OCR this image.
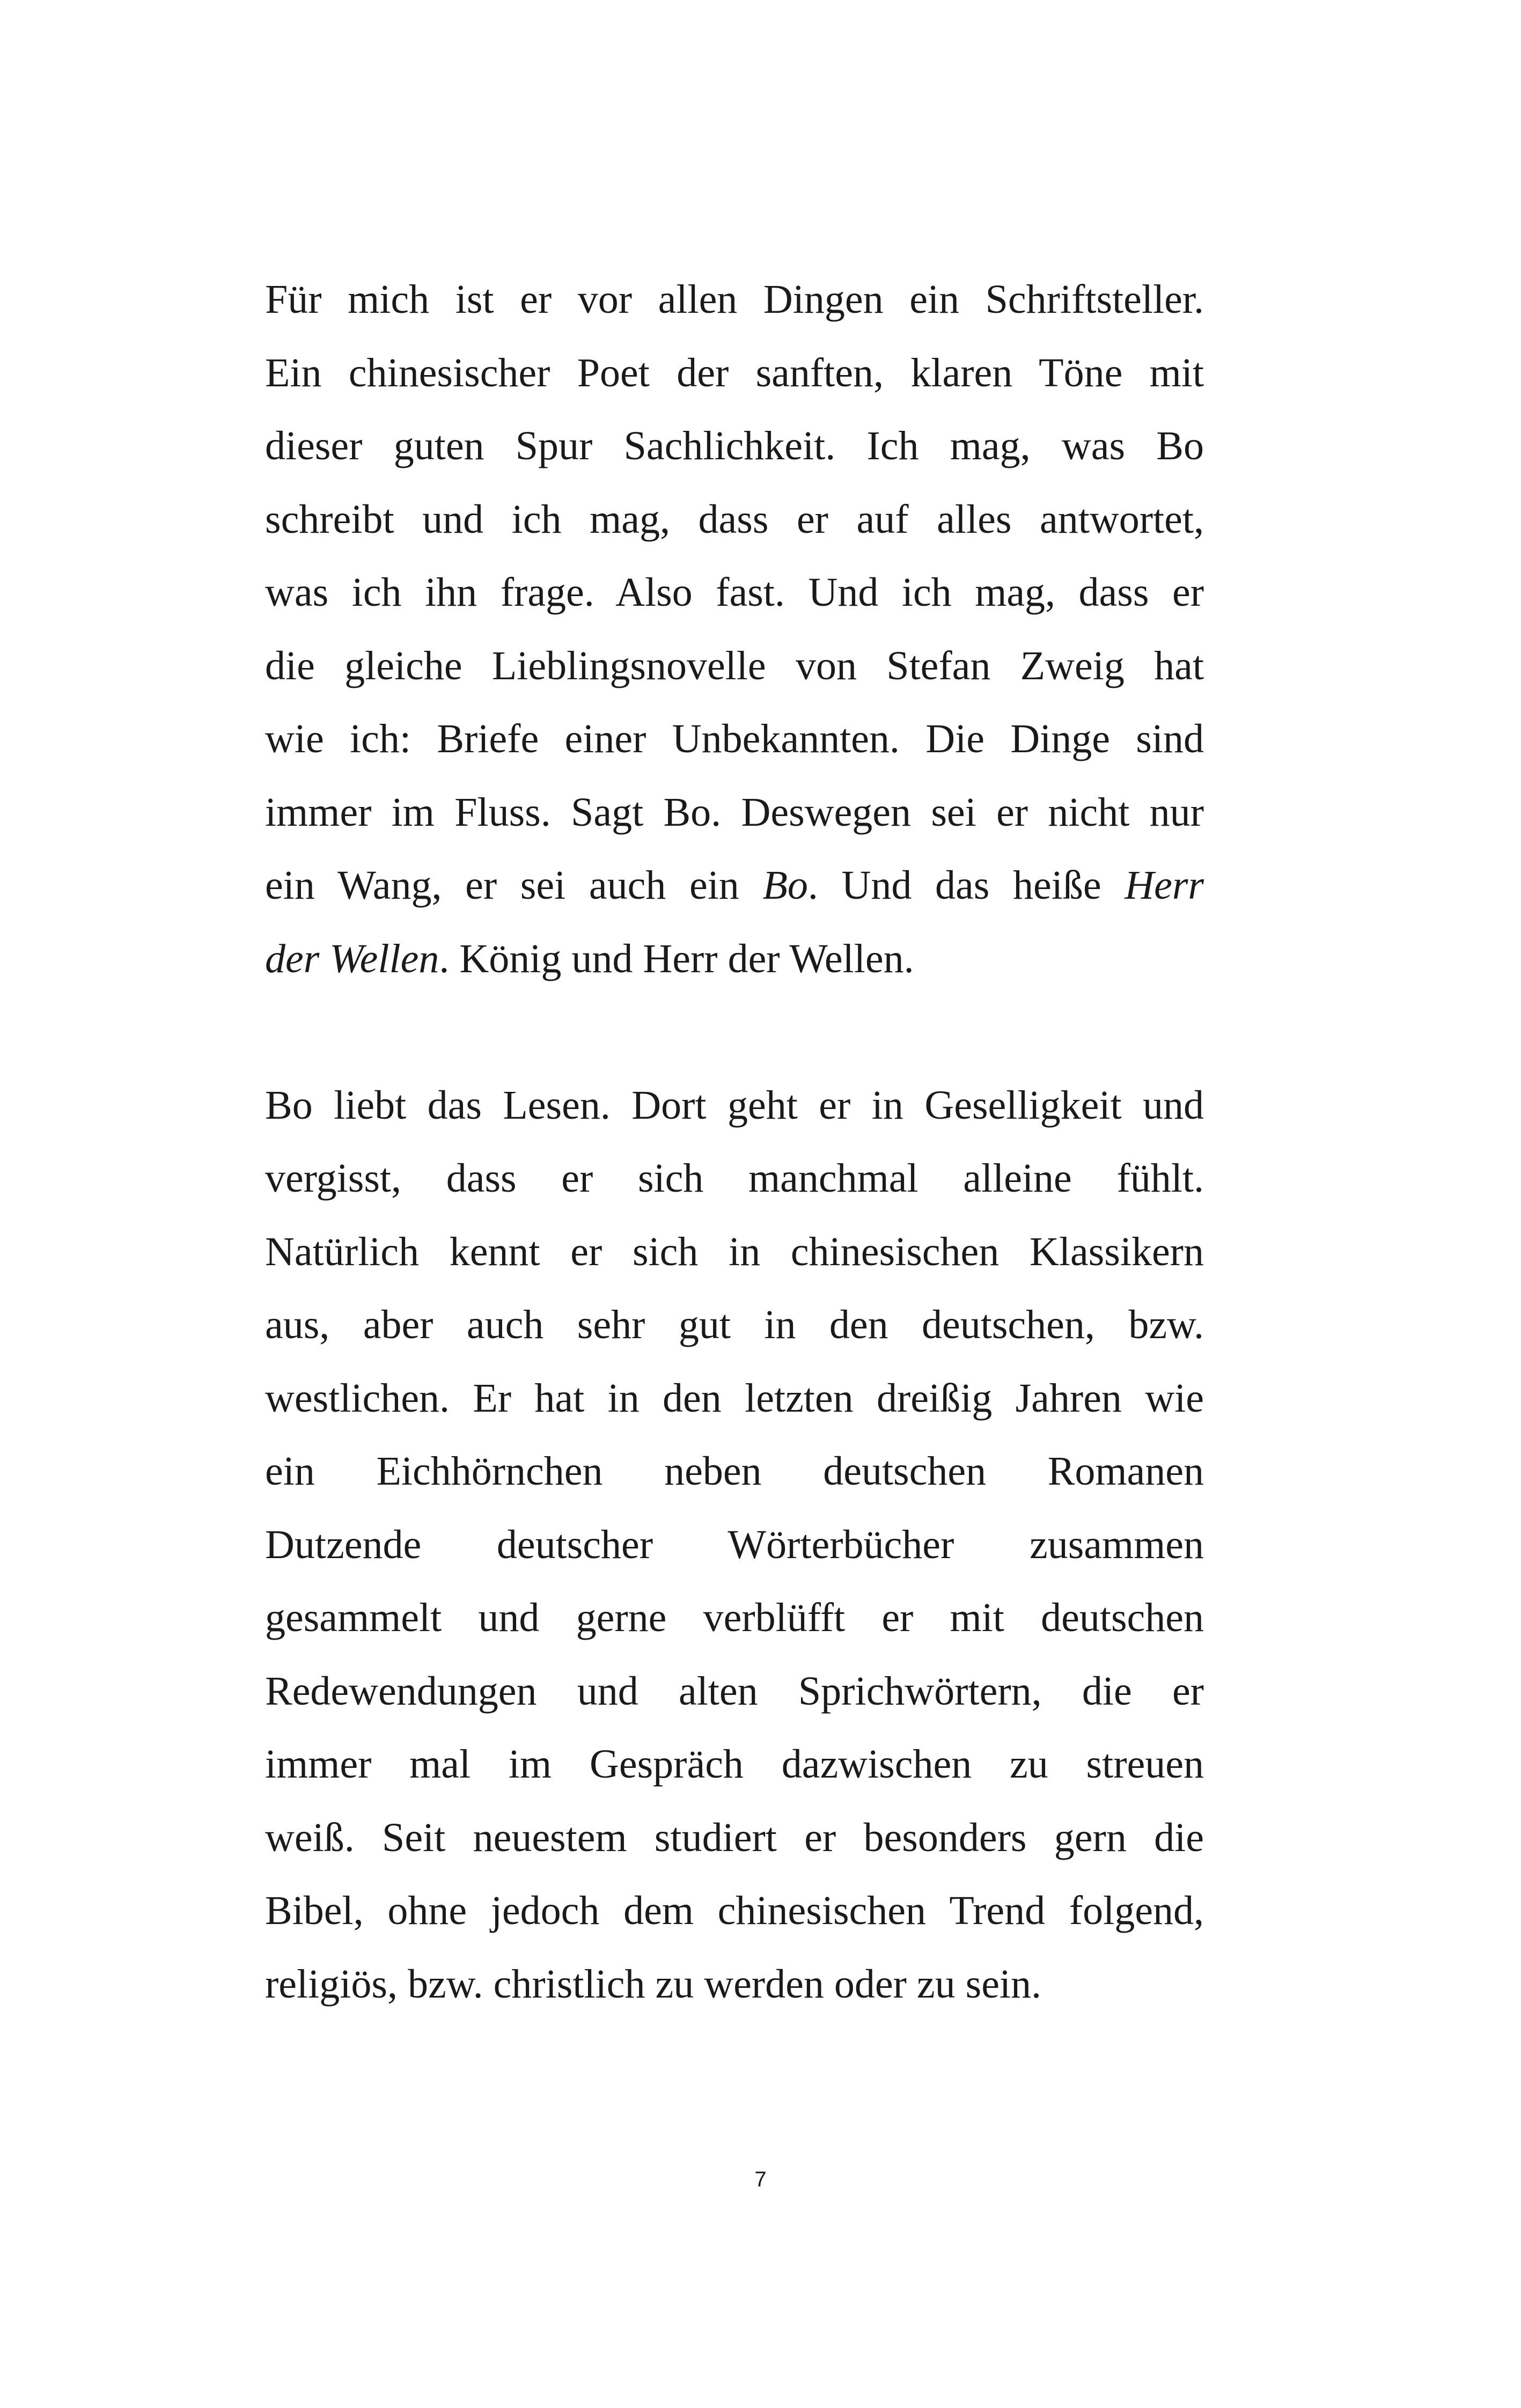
Für mich ist er vor allen Dingen ein Schriftsteller.
Ein chinesischer Poet der sanften, klaren Töne mit
dieser guten Spur Sachlichkeit. Ich mag, was Bo
schreibt und ich mag, dass er auf alles antwortet,
was ich ihn frage. Also fast. Und ich mag, dass er
die gleiche Lieblingsnovelle von Stefan Zweig hat
wie ich: Briefe einer Unbekannten. Die Dinge sind
immer im Fluss. Sagt Bo. Deswegen sei er nicht nur
ein Wang, er sei auch ein Bo. Und das heiße Herr
der Wellen. König und Herr der Wellen.
Bo liebt das Lesen. Dort geht er in Geselligkeit und
vergisst, dass er sich manchmal alleine fühlt.
Natürlich kennt er sich in chinesischen Klassikern
aus, aber auch sehr gut in den deutschen, bzw.
westlichen. Er hat in den letzten dreißig Jahren wie
ein Eichhörnchen neben deutschen Romanen
Dutzende deutscher Wörterbücher zusammen
gesammelt und gerne verblüfft er mit deutschen
Redewendungen und alten Sprichwörtern, die er
immer mal im Gespräch dazwischen zu streuen
weiß. Seit neuestem studiert er besonders gern die
Bibel, ohne jedoch dem chinesischen Trend folgend,
religiös, bzw. christlich zu werden oder zu sein.
7
